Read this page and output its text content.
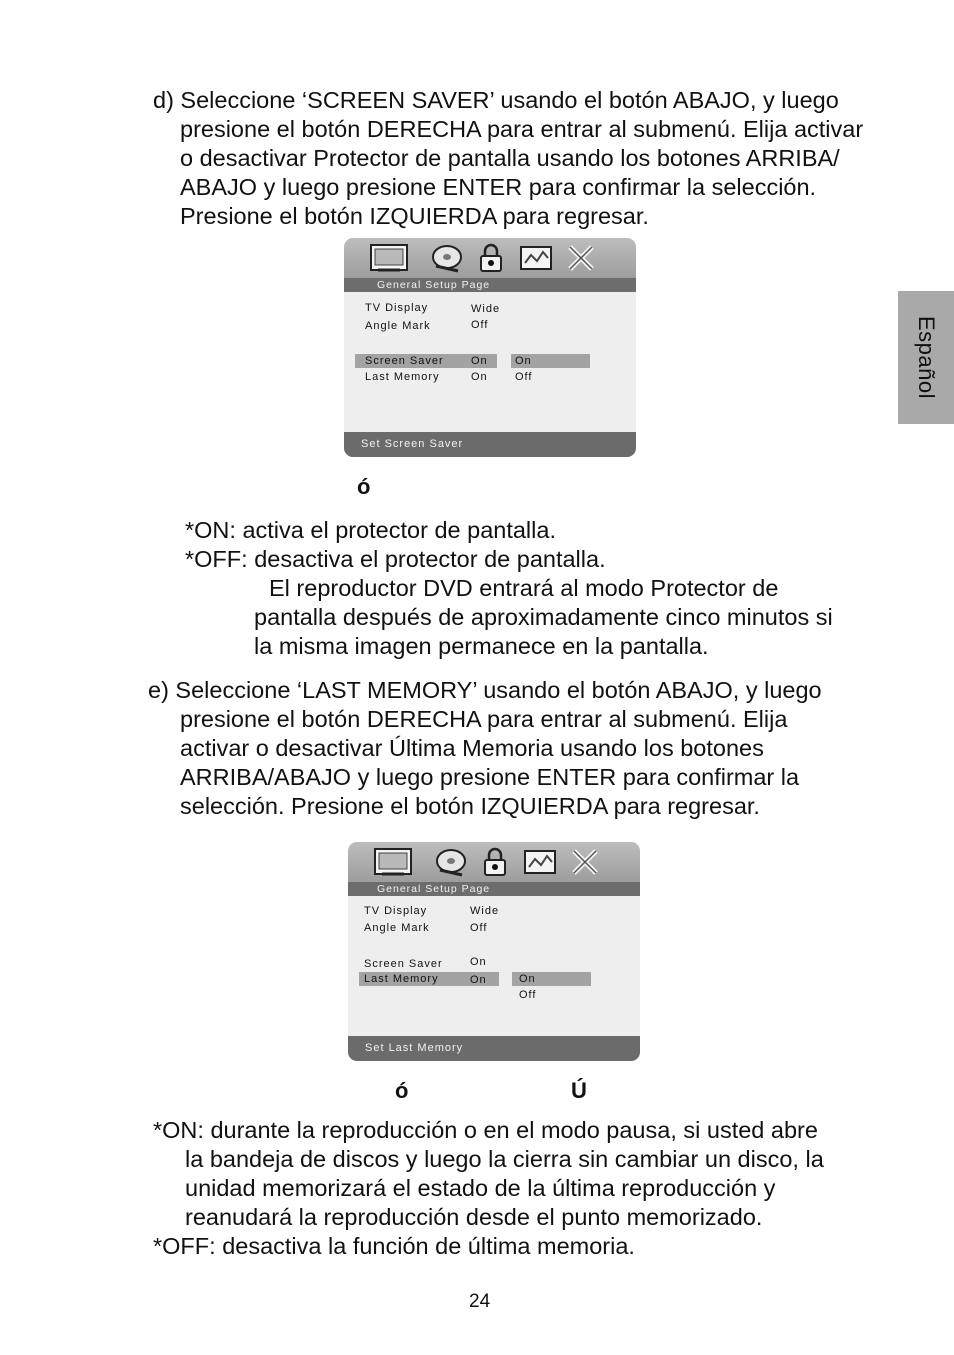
d) Seleccione ‘SCREEN SAVER’ usando el botón ABAJO, y luego
presione el botón DERECHA para entrar al submenú. Elija activar
o desactivar Protector de pantalla usando los botones ARRIBA/
ABAJO y luego presione ENTER para confirmar la selección.
Presione el botón IZQUIERDA para regresar.
Español
General Setup Page
TV Display	Wide
Angle Mark	Off
Screen Saver On
Last Memory	On
On
Off
Set Screen Saver
ó
*ON: activa el protector de pantalla.
*OFF: desactiva el protector de pantalla.
El reproductor DVD entrará al modo Protector de
pantalla después de aproximadamente cinco minutos si
la misma imagen permanece en la pantalla.
e) Seleccione ‘LAST MEMORY’ usando el botón ABAJO, y luego
presione el botón DERECHA para entrar al submenú. Elija
activar o desactivar Última Memoria usando los botones
ARRIBA/ABAJO y luego presione ENTER para confirmar la
selección. Presione el botón IZQUIERDA para regresar.
General Setup Page
TV Display	Wide
Angle Mark	Off
Screen Saver On
Last Memory	On	On
Off
Set Last Memory
ó	Ú
*ON: durante la reproducción o en el modo pausa, si usted abre
la bandeja de discos y luego la cierra sin cambiar un disco, la
unidad memorizará el estado de la última reproducción y
reanudará la reproducción desde el punto memorizado.
*OFF: desactiva la función de última memoria.
24
